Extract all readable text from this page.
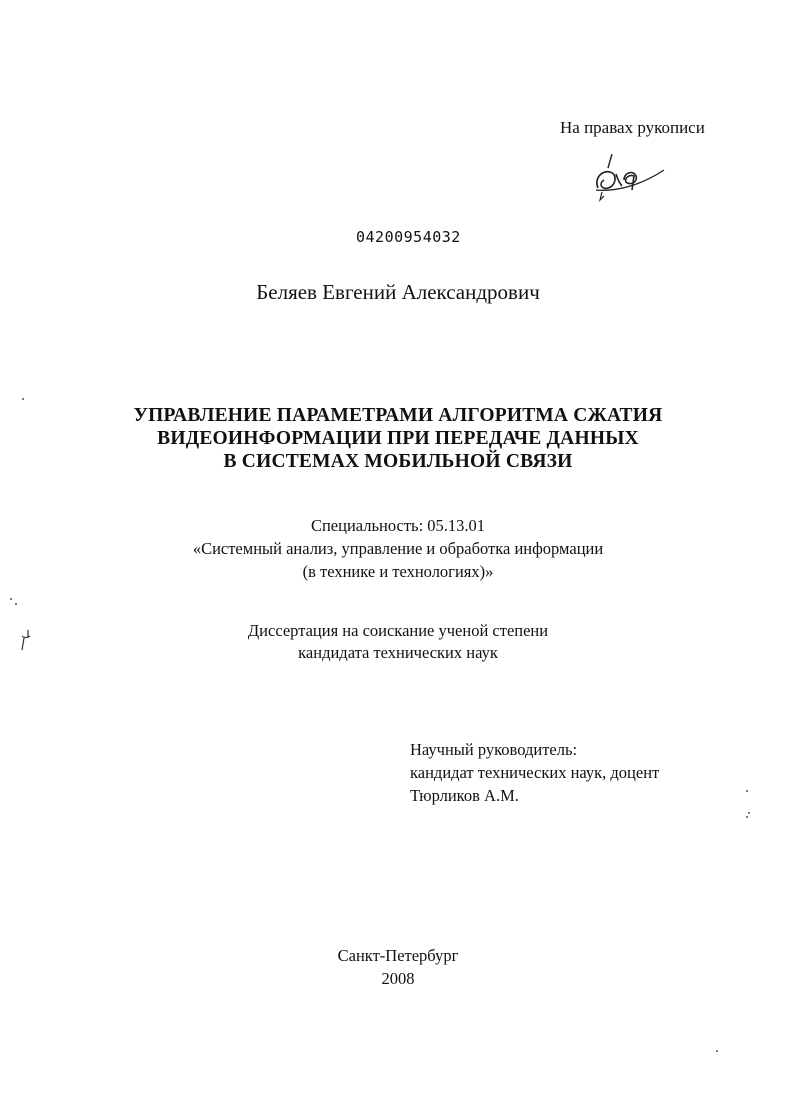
На правах рукописи
04200954032
Беляев Евгений Александрович
УПРАВЛЕНИЕ ПАРАМЕТРАМИ АЛГОРИТМА СЖАТИЯ
ВИДЕОИНФОРМАЦИИ ПРИ ПЕРЕДАЧЕ ДАННЫХ
В СИСТЕМАХ МОБИЛЬНОЙ СВЯЗИ
Специальность: 05.13.01
«Системный анализ, управление и обработка информации
(в технике и технологиях)»
Диссертация на соискание ученой степени
кандидата технических наук
Научный руководитель:
кандидат технических наук, доцент
Тюрликов А.М.
Санкт-Петербург
2008
